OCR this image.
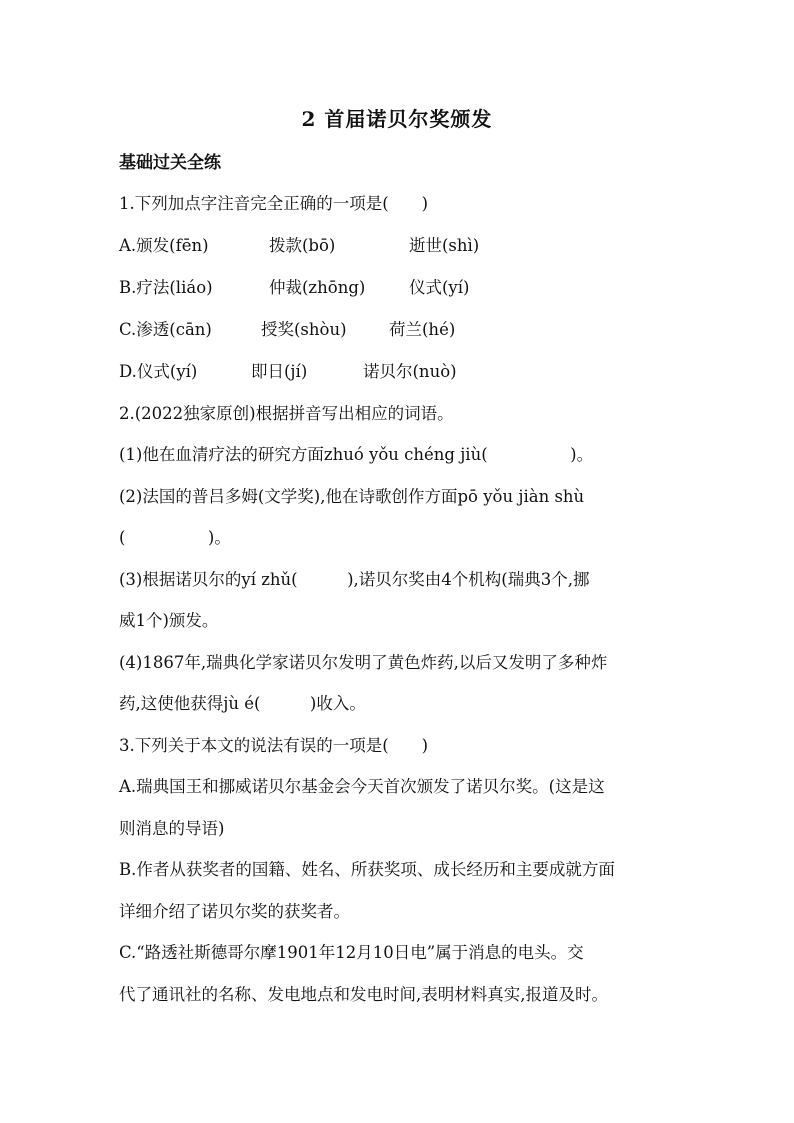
2 首届诺贝尔奖颁发
基础过关全练
1.下列加点字注音完全正确的一项是(　　)
A.颁发(fēn)	拨款(bō)	逝世(shì)
B.疗法(liáo)	仲裁(zhōng)	仪式(yí)
C.渗透(cān)	授奖(shòu)	荷兰(hé)
D.仪式(yí)	即日(jí)	诺贝尔(nuò)
2.(2022独家原创)根据拼音写出相应的词语。
(1)他在血清疗法的研究方面zhuó yǒu chéng jiù(　　　　　)。
(2)法国的普吕多姆(文学奖),他在诗歌创作方面pō yǒu jiàn shù
(　　　　　)。
(3)根据诺贝尔的yí zhǔ(　　　),诺贝尔奖由4个机构(瑞典3个,挪
威1个)颁发。
(4)1867年,瑞典化学家诺贝尔发明了黄色炸药,以后又发明了多种炸
药,这使他获得jù é(　　　)收入。
3.下列关于本文的说法有误的一项是(　　)
A.瑞典国王和挪威诺贝尔基金会今天首次颁发了诺贝尔奖。(这是这
则消息的导语)
B.作者从获奖者的国籍、姓名、所获奖项、成长经历和主要成就方面
详细介绍了诺贝尔奖的获奖者。
C.“路透社斯德哥尔摩1901年12月10日电”属于消息的电头。交
代了通讯社的名称、发电地点和发电时间,表明材料真实,报道及时。
